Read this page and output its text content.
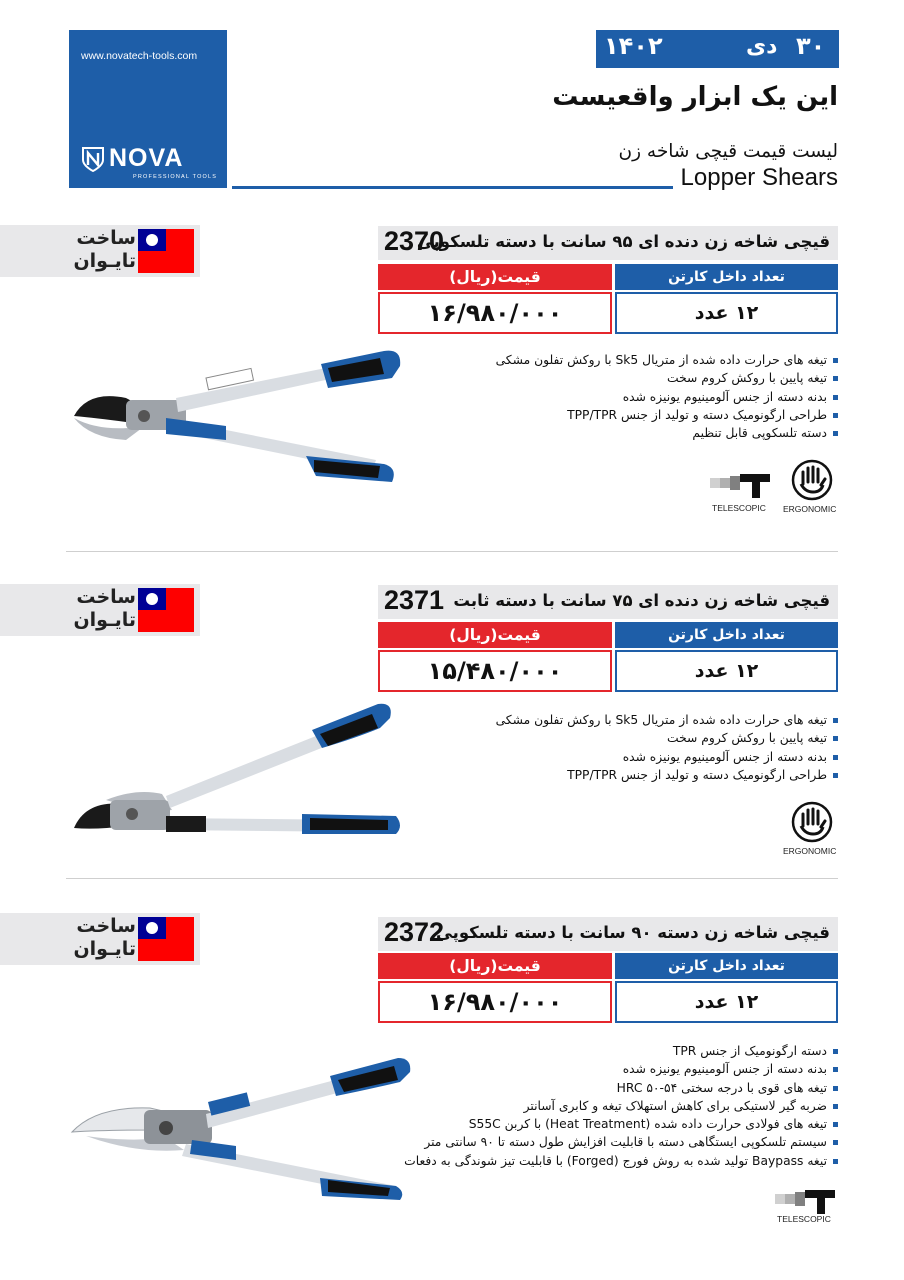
www.novatech-tools.com
NOVA
PROFESSIONAL TOOLS
۱۴۰۲	دی ۳۰
این یک ابزار واقعیست
لیست قیمت قیچی شاخه زن
Lopper Shears
ساخت
تایـوان
2370
قیچی شاخه زن دنده ای ۹۵ سانت با دسته تلسکوپی
قیمت(ریال)	تعداد داخل کارتن
۱۶/۹۸۰/۰۰۰	۱۲ عدد
تیغه های حرارت داده شده از متریال Sk5 با روکش تفلون مشکی
تیغه پایین با روکش کروم سخت
بدنه دسته از جنس آلومینیوم یونیزه شده
طراحی ارگونومیک دسته و تولید از جنس TPP/TPR
دسته تلسکوپی قابل تنظیم
TELESCOPIC ERGONOMIC
ساخت
تایـوان
2371 قیچی شاخه زن دنده ای ۷۵ سانت با دسته ثابت
قیمت(ریال)	تعداد داخل کارتن
۱۵/۴۸۰/۰۰۰	۱۲ عدد
تیغه های حرارت داده شده از متریال Sk5 با روکش تفلون مشکی
تیغه پایین با روکش کروم سخت
بدنه دسته از جنس آلومینیوم یونیزه شده
طراحی ارگونومیک دسته و تولید از جنس TPP/TPR
ERGONOMIC
ساخت
تایـوان
2372
قیچی شاخه زن دسته ۹۰ سانت با دسته تلسکوپی
قیمت(ریال)	تعداد داخل کارتن
۱۶/۹۸۰/۰۰۰	۱۲ عدد
دسته ارگونومیک از جنس TPR
بدنه دسته از جنس آلومینیوم یونیزه شده
تیغه های قوی با درجه سختی HRC ۵۰-۵۴
ضربه گیر لاستیکی برای کاهش استهلاک تیغه و کابری آسانتر
تیغه های فولادی حرارت داده شده (Heat Treatment) با کربن S55C
سیستم تلسکوپی ایستگاهی دسته با قابلیت افزایش طول دسته تا ۹۰ سانتی متر
تیغه Baypass تولید شده به روش فورج (Forged) با قابلیت تیز شوندگی به دفعات
TELESCOPIC
